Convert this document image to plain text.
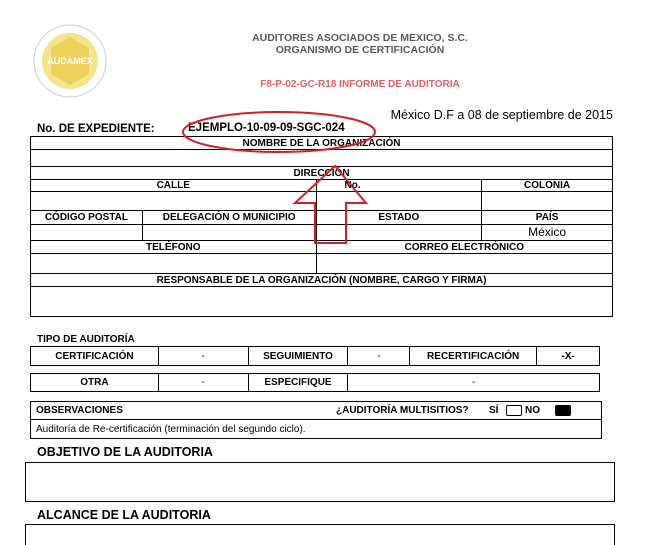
AUDAMEX
AUDITORES ASOCIADOS DE MEXICO, S.C.
ORGANISMO DE CERTIFICACIÓN
F8-P-02-GC-R18 INFORME DE AUDITORIA
México D.F a 08 de septiembre de 2015
No. DE EXPEDIENTE:	EJEMPLO-10-09-09-SGC-024
NOMBRE DE LA ORGANIZACIÓN			

DIRECCIÓN			
CALLE		No.	COLONIA

CÓDIGO POSTAL	DELEGACIÓN O MUNICIPIO	ESTADO	PAÍS
			México
TELÉFONO		CORREO ELECTRÓNICO	

RESPONSABLE DE LA ORGANIZACIÓN (NOMBRE, CARGO Y FIRMA)			

TIPO DE AUDITORÍA
CERTIFICACIÓN	-	SEGUIMIENTO	-	RECERTIFICACIÓN	-X-

OTRA	-	ESPECIFIQUE	-		
OBSERVACIONES	¿AUDITORÍA MULTISITIOS? SÍ	NO
Auditoría de Re-certificación (terminación del segundo ciclo).
OBJETIVO DE LA AUDITORIA
ALCANCE DE LA AUDITORIA
